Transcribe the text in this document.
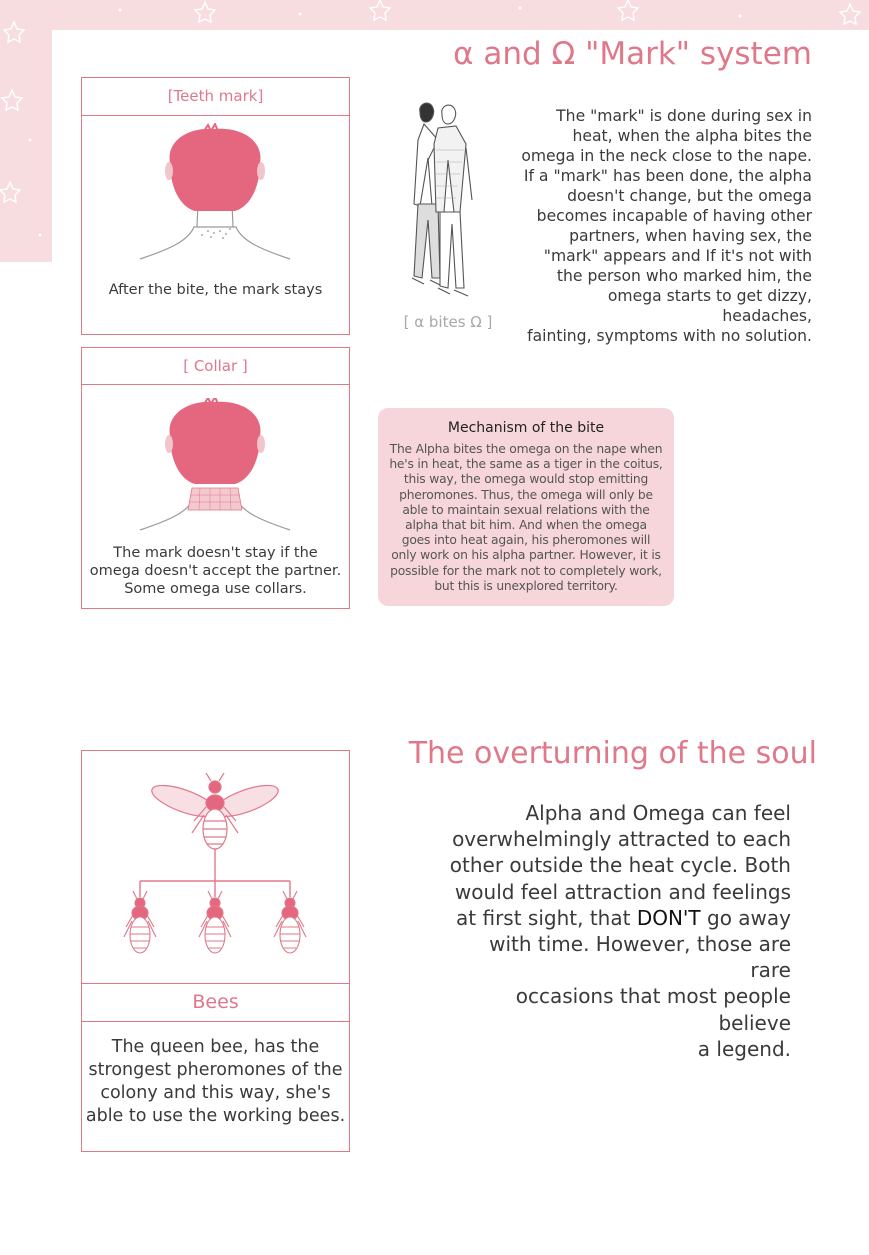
α and Ω "Mark" system
[Teeth mark]
After the bite, the mark stays
[ Collar ]
The mark doesn't stay if the
omega doesn't accept the partner.
Some omega use collars.
[ α bites Ω ]
The "mark" is done during sex in
heat, when the alpha bites the
omega in the neck close to the nape.
If a "mark" has been done, the alpha
doesn't change, but the omega
becomes incapable of having other
partners, when having sex, the
"mark" appears and If it's not with
the person who marked him, the
omega starts to get dizzy, headaches,
fainting, symptoms with no solution.
Mechanism of the bite
The Alpha bites the omega on the nape when
he's in heat, the same as a tiger in the coitus,
this way, the omega would stop emitting
pheromones. Thus, the omega will only be
able to maintain sexual relations with the
alpha that bit him. And when the omega
goes into heat again, his pheromones will
only work on his alpha partner. However, it is
possible for the mark not to completely work,
but this is unexplored territory.
The overturning of the soul
Bees
The queen bee, has the
strongest pheromones of the
colony and this way, she's
able to use the working bees.
Alpha and Omega can feel
overwhelmingly attracted to each
other outside the heat cycle. Both
would feel attraction and feelings
at first sight, that DON'T go away
with time. However, those are rare
occasions that most people believe
a legend.
